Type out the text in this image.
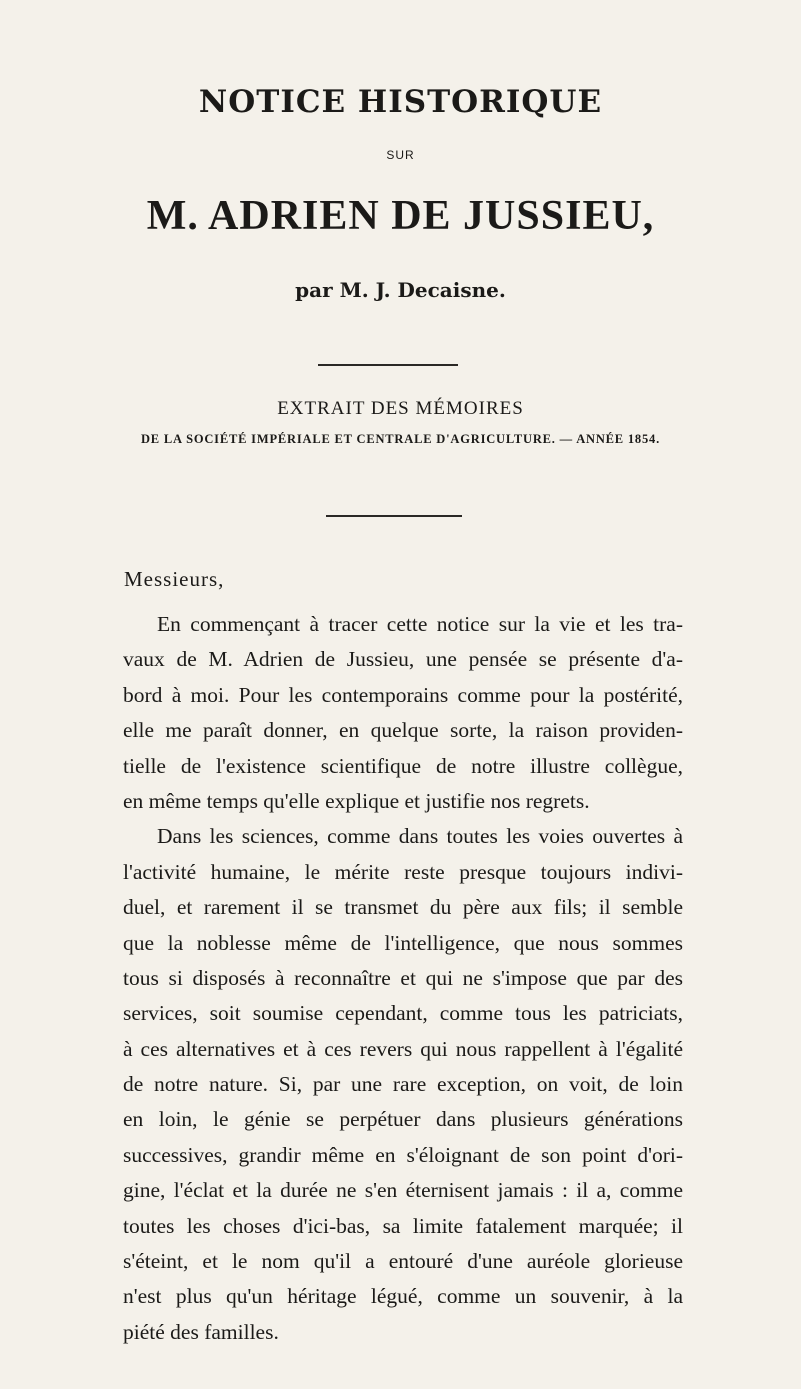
NOTICE HISTORIQUE
SUR
M. ADRIEN DE JUSSIEU,
par M. J. Decaisne.
EXTRAIT DES MÉMOIRES
DE LA SOCIÉTÉ IMPÉRIALE ET CENTRALE D'AGRICULTURE. — ANNÉE 1854.
Messieurs,
En commençant à tracer cette notice sur la vie et les tra-
vaux de M. Adrien de Jussieu, une pensée se présente d'a-
bord à moi. Pour les contemporains comme pour la postérité,
elle me paraît donner, en quelque sorte, la raison providen-
tielle de l'existence scientifique de notre illustre collègue,
en même temps qu'elle explique et justifie nos regrets.
Dans les sciences, comme dans toutes les voies ouvertes à
l'activité humaine, le mérite reste presque toujours indivi-
duel, et rarement il se transmet du père aux fils; il semble
que la noblesse même de l'intelligence, que nous sommes
tous si disposés à reconnaître et qui ne s'impose que par des
services, soit soumise cependant, comme tous les patriciats,
à ces alternatives et à ces revers qui nous rappellent à l'égalité
de notre nature. Si, par une rare exception, on voit, de loin
en loin, le génie se perpétuer dans plusieurs générations
successives, grandir même en s'éloignant de son point d'ori-
gine, l'éclat et la durée ne s'en éternisent jamais : il a, comme
toutes les choses d'ici-bas, sa limite fatalement marquée; il
s'éteint, et le nom qu'il a entouré d'une auréole glorieuse
n'est plus qu'un héritage légué, comme un souvenir, à la
piété des familles.
